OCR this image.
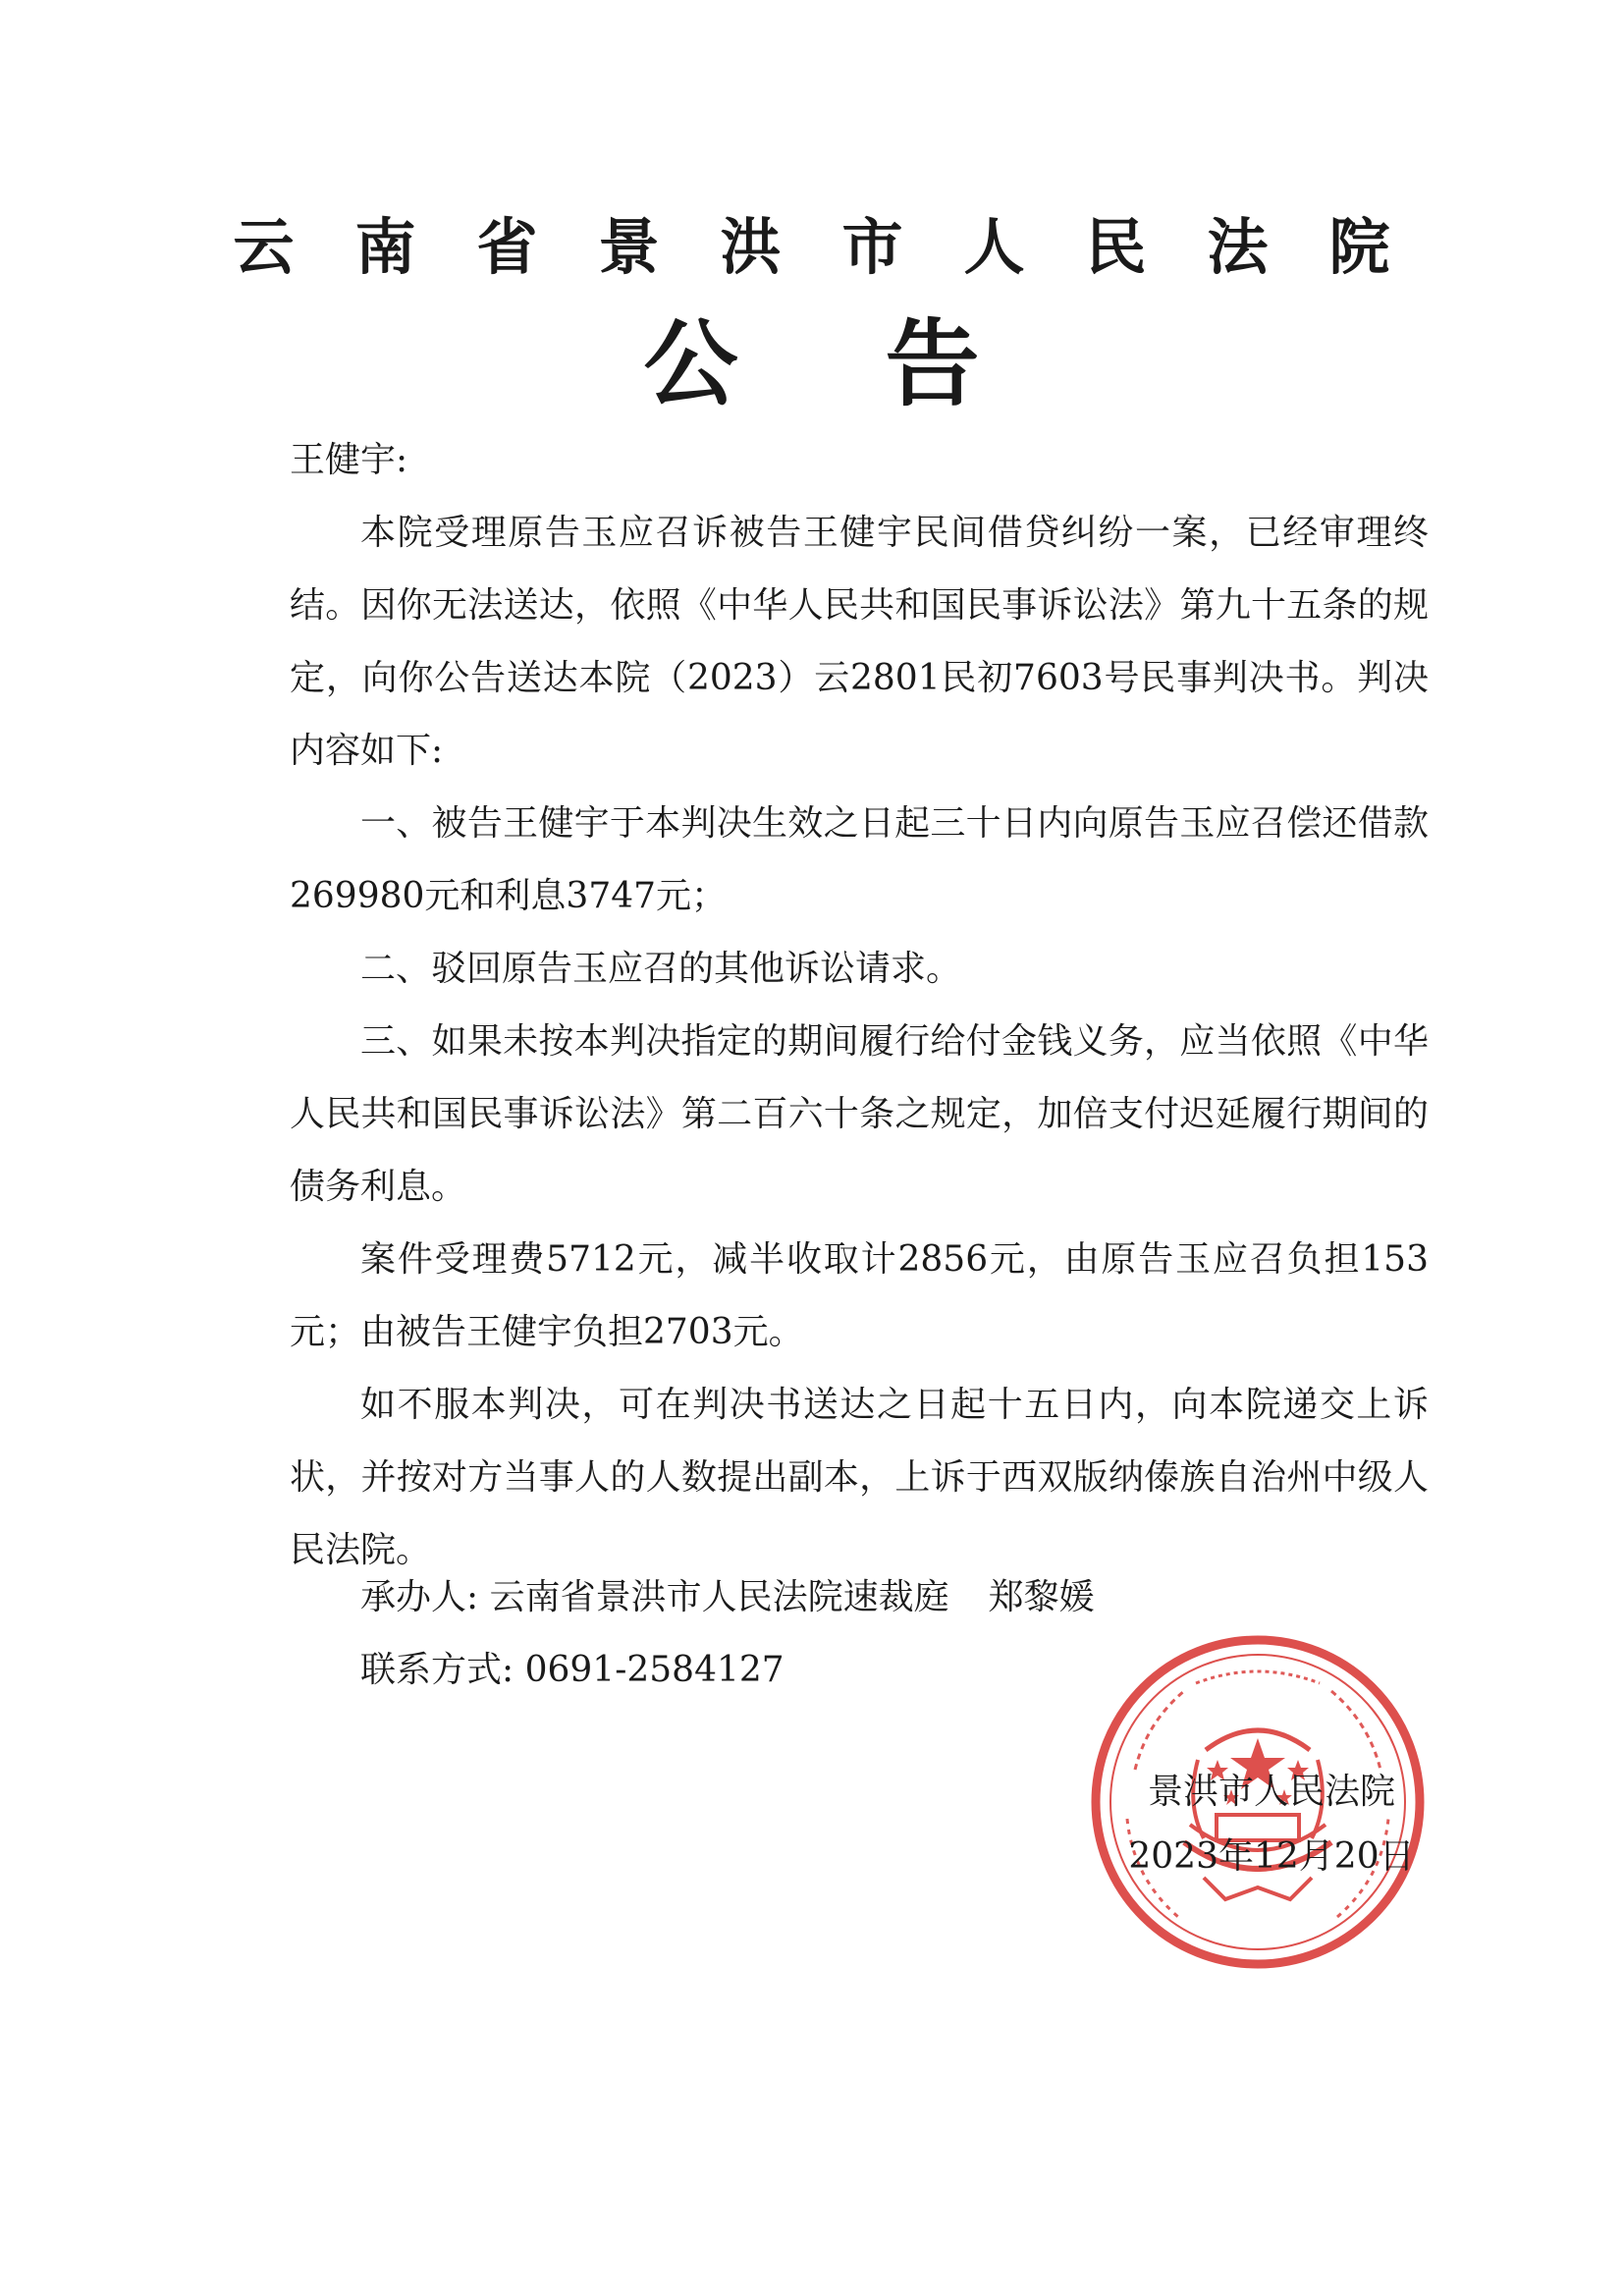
云南省景洪市人民法院
公告

王健宇:

本院受理原告玉应召诉被告王健宇民间借贷纠纷一案，已经审理终结。因你无法送达，依照《中华人民共和国民事诉讼法》第九十五条的规定，向你公告送达本院（2023）云2801民初7603号民事判决书。判决内容如下:

一、被告王健宇于本判决生效之日起三十日内向原告玉应召偿还借款269980元和利息3747元；

二、驳回原告玉应召的其他诉讼请求。

三、如果未按本判决指定的期间履行给付金钱义务，应当依照《中华人民共和国民事诉讼法》第二百六十条之规定，加倍支付迟延履行期间的债务利息。

案件受理费5712元，减半收取计2856元，由原告玉应召负担153元；由被告王健宇负担2703元。

如不服本判决，可在判决书送达之日起十五日内，向本院递交上诉状，并按对方当事人的人数提出副本，上诉于西双版纳傣族自治州中级人民法院。

承办人: 云南省景洪市人民法院速裁庭 郑黎媛
联系方式: 0691-2584127
景洪市人民法院
2023年12月20日
